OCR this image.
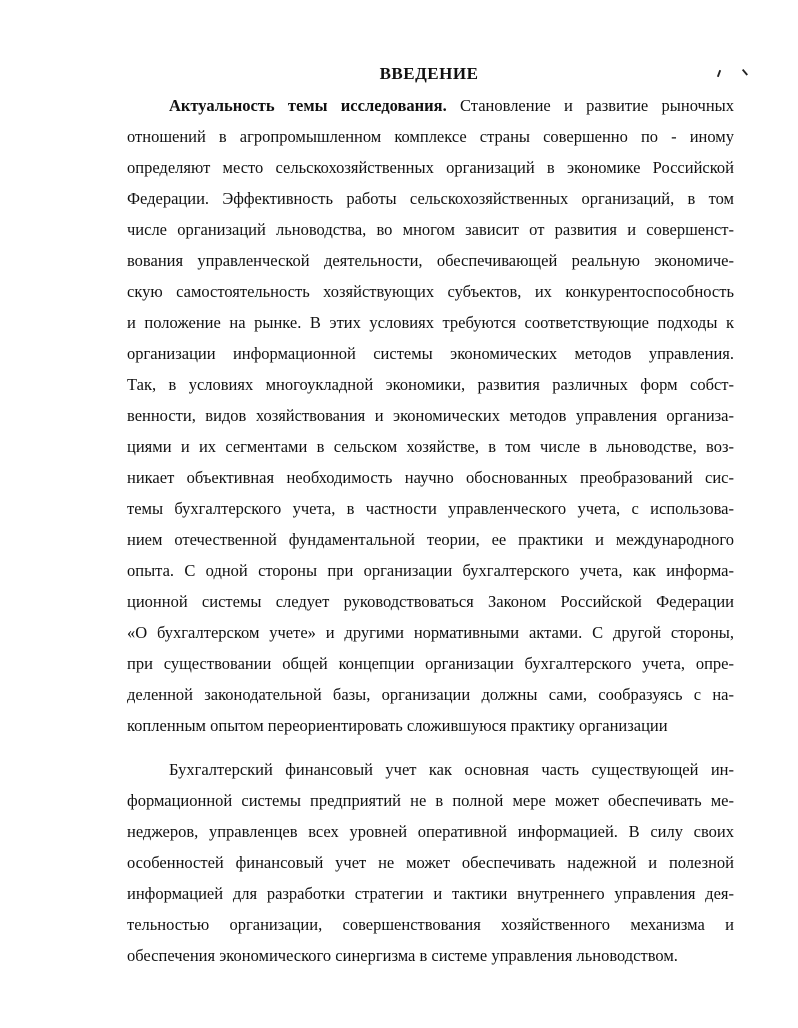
ВВЕДЕНИЕ	╹ ╹
Актуальность темы исследования. Становление и развитие рыночных
отношений в агропромышленном комплексе страны совершенно по - иному
определяют место сельскохозяйственных организаций в экономике Российской
Федерации. Эффективность работы сельскохозяйственных организаций, в том
числе организаций льноводства, во многом зависит от развития и совершенст-
вования управленческой деятельности, обеспечивающей реальную экономиче-
скую самостоятельность хозяйствующих субъектов, их конкурентоспособность
и положение на рынке. В этих условиях требуются соответствующие подходы к
организации информационной системы экономических методов управления.
Так, в условиях многоукладной экономики, развития различных форм собст-
венности, видов хозяйствования и экономических методов управления организа-
циями и их сегментами в сельском хозяйстве, в том числе в льноводстве, воз-
никает объективная необходимость научно обоснованных преобразований сис-
темы бухгалтерского учета, в частности управленческого учета, с использова-
нием отечественной фундаментальной теории, ее практики и международного
опыта. С одной стороны при организации бухгалтерского учета, как информа-
ционной системы следует руководствоваться Законом Российской Федерации
«О бухгалтерском учете» и другими нормативными актами. С другой стороны,
при существовании общей концепции организации бухгалтерского учета, опре-
деленной законодательной базы, организации должны сами, сообразуясь с на-
копленным опытом переориентировать сложившуюся практику организации
Бухгалтерский финансовый учет как основная часть существующей ин-
формационной системы предприятий не в полной мере может обеспечивать ме-
неджеров, управленцев всех уровней оперативной информацией. В силу своих
особенностей финансовый учет не может обеспечивать надежной и полезной
информацией для разработки стратегии и тактики внутреннего управления дея-
тельностью организации, совершенствования хозяйственного механизма и
обеспечения экономического синергизма в системе управления льноводством.
